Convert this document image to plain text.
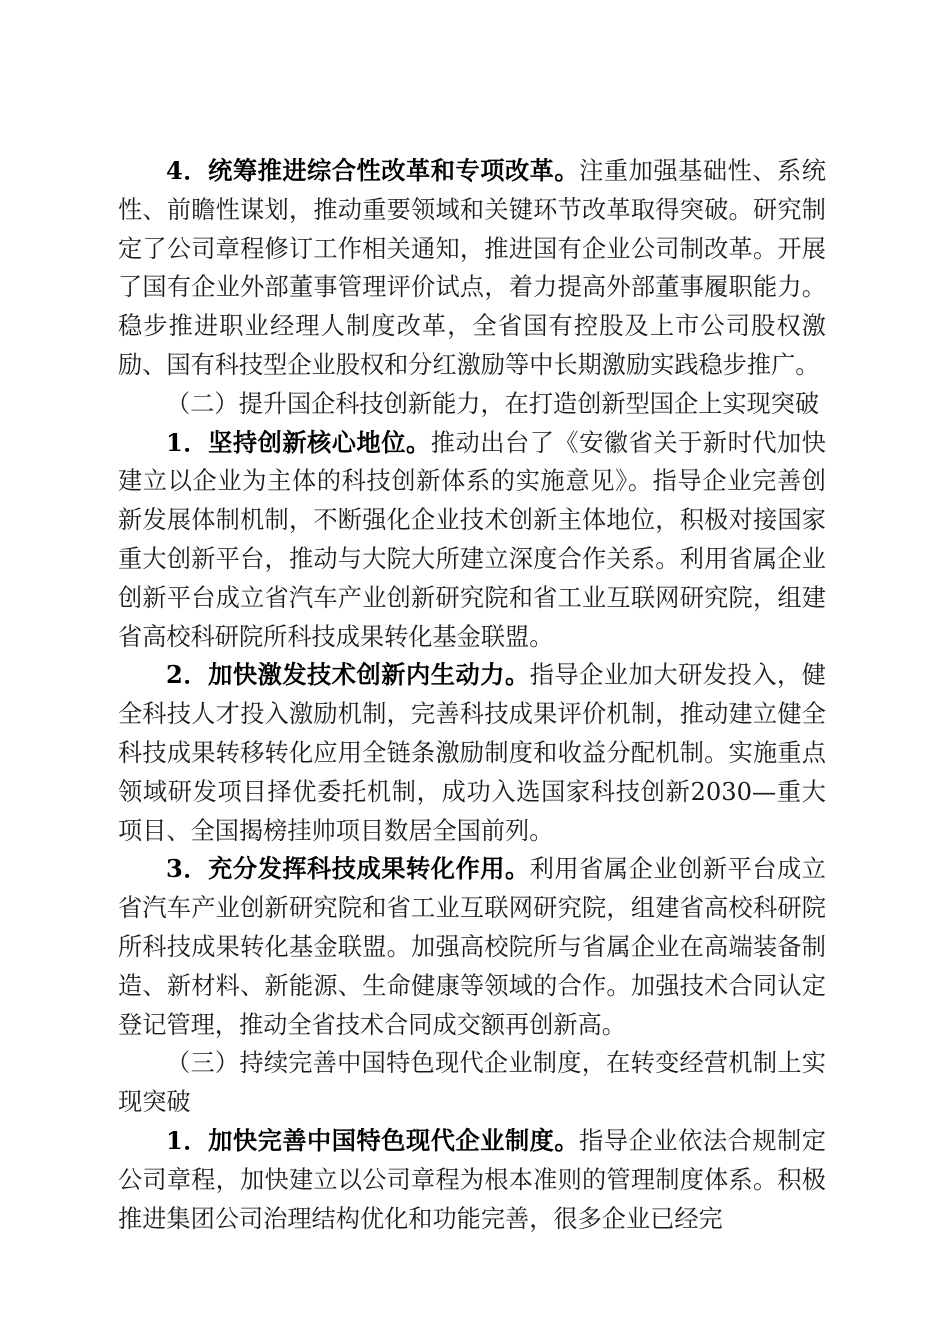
4．统筹推进综合性改革和专项改革。注重加强基础性、系统性、前瞻性谋划，推动重要领域和关键环节改革取得突破。研究制定了公司章程修订工作相关通知，推进国有企业公司制改革。开展了国有企业外部董事管理评价试点，着力提高外部董事履职能力。稳步推进职业经理人制度改革，全省国有控股及上市公司股权激励、国有科技型企业股权和分红激励等中长期激励实践稳步推广。

（二）提升国企科技创新能力，在打造创新型国企上实现突破

1．坚持创新核心地位。推动出台了《安徽省关于新时代加快建立以企业为主体的科技创新体系的实施意见》。指导企业完善创新发展体制机制，不断强化企业技术创新主体地位，积极对接国家重大创新平台，推动与大院大所建立深度合作关系。利用省属企业创新平台成立省汽车产业创新研究院和省工业互联网研究院，组建省高校科研院所科技成果转化基金联盟。

2．加快激发技术创新内生动力。指导企业加大研发投入，健全科技人才投入激励机制，完善科技成果评价机制，推动建立健全科技成果转移转化应用全链条激励制度和收益分配机制。实施重点领域研发项目择优委托机制，成功入选国家科技创新2030—重大项目、全国揭榜挂帅项目数居全国前列。

3．充分发挥科技成果转化作用。利用省属企业创新平台成立省汽车产业创新研究院和省工业互联网研究院，组建省高校科研院所科技成果转化基金联盟。加强高校院所与省属企业在高端装备制造、新材料、新能源、生命健康等领域的合作。加强技术合同认定登记管理，推动全省技术合同成交额再创新高。

（三）持续完善中国特色现代企业制度，在转变经营机制上实现突破

1．加快完善中国特色现代企业制度。指导企业依法合规制定公司章程，加快建立以公司章程为根本准则的管理制度体系。积极推进集团公司治理结构优化和功能完善，很多企业已经完
